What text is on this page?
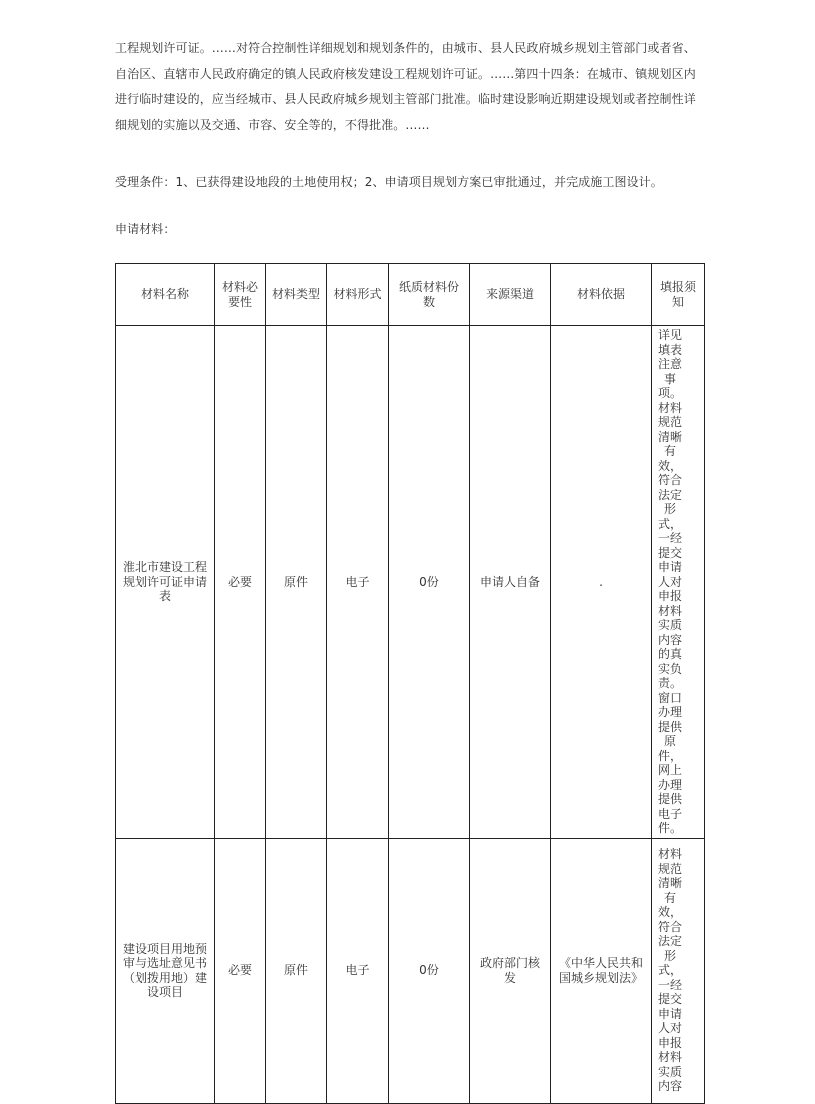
工程规划许可证。……对符合控制性详细规划和规划条件的，由城市、县人民政府城乡规划主管部门或者省、自治区、直辖市人民政府确定的镇人民政府核发建设工程规划许可证。……第四十四条：在城市、镇规划区内进行临时建设的，应当经城市、县人民政府城乡规划主管部门批准。临时建设影响近期建设规划或者控制性详细规划的实施以及交通、市容、安全等的，不得批准。……
受理条件：1、已获得建设地段的土地使用权；2、申请项目规划方案已审批通过，并完成施工图设计。
申请材料：
材料名称	材料必要性	材料类型	材料形式	纸质材料份数	来源渠道	材料依据	填报须知
淮北市建设工程规划许可证申请表	必要	原件	电子	0份	申请人自备	.	详见填表注意事项。材料规范清晰有效，符合法定形式，一经提交申请人对申报材料实质内容的真实负责。窗口办理提供原件，网上办理提供电子件。

建设项目用地预审与选址意见书（划拨用地）建设项目	必要	原件	电子	0份	政府部门核发	《中华人民共和国城乡规划法》	材料规范清晰有效，符合法定形式，一经提交申请人对申报材料实质内容
